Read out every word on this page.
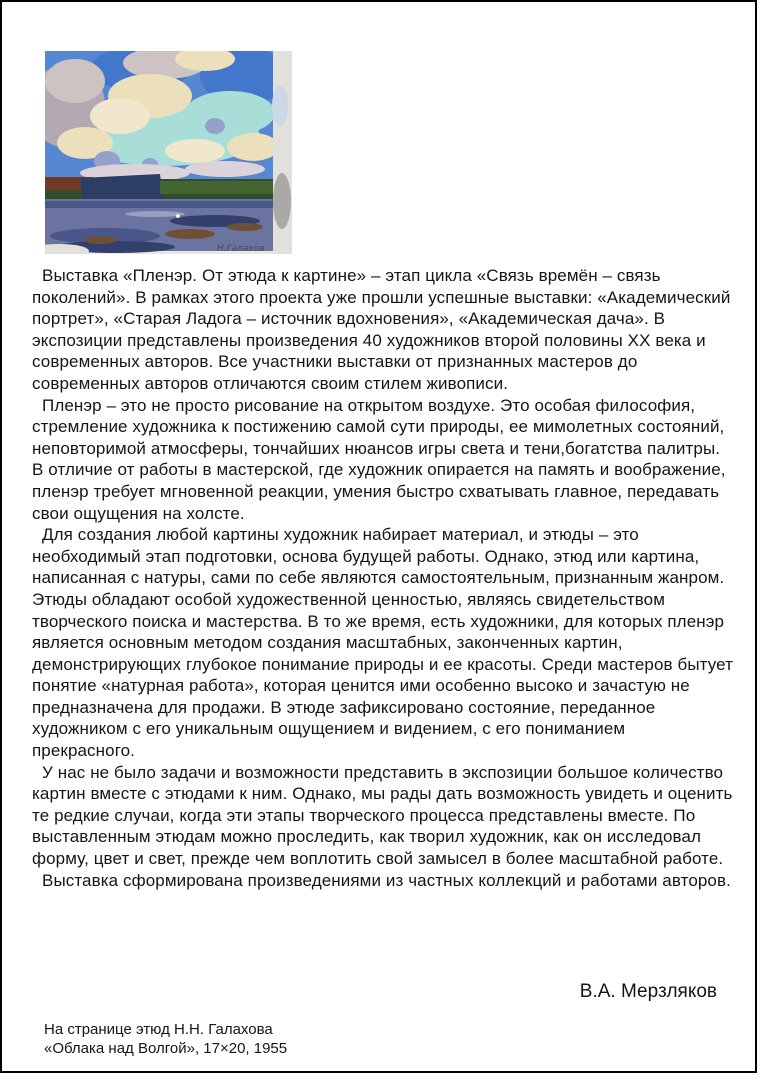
Н.Галахов

Выставка «Пленэр. От этюда к картине» – этап цикла «Связь времён – связь поколений». В рамках этого проекта уже прошли успешные выставки: «Академический портрет», «Старая Ладога – источник вдохновения», «Академическая дача». В экспозиции представлены произведения 40 художников второй половины ХХ века и современных авторов. Все участники выставки от признанных мастеров до современных авторов отличаются своим стилем живописи.

Пленэр – это не просто рисование на открытом воздухе. Это особая философия, стремление художника к постижению самой сути природы, ее мимолетных состояний, неповторимой атмосферы, тончайших нюансов игры света и тени,богатства палитры. В отличие от работы в мастерской, где художник опирается на память и воображение, пленэр требует мгновенной реакции, умения быстро схватывать главное, передавать свои ощущения на холсте.

Для создания любой картины художник набирает материал, и этюды – это необходимый этап подготовки, основа будущей работы. Однако, этюд или картина, написанная с натуры, сами по себе являются самостоятельным, признанным жанром. Этюды обладают особой художественной ценностью, являясь свидетельством творческого поиска и мастерства. В то же время, есть художники, для которых пленэр является основным методом создания масштабных, законченных картин, демонстрирующих глубокое понимание природы и ее красоты. Среди мастеров бытует понятие «натурная работа», которая ценится ими особенно высоко и зачастую не предназначена для продажи. В этюде зафиксировано состояние, переданное художником с его уникальным ощущением и видением, с его пониманием прекрасного.

У нас не было задачи и возможности представить в экспозиции большое количество картин вместе с этюдами к ним. Однако, мы рады дать возможность увидеть и оценить те редкие случаи, когда эти этапы творческого процесса представлены вместе. По выставленным этюдам можно проследить, как творил художник, как он исследовал форму, цвет и свет, прежде чем воплотить свой замысел в более масштабной работе.

Выставка сформирована произведениями из частных коллекций и работами авторов.

В.А. Мерзляков
На странице этюд Н.Н. Галахова
«Облака над Волгой», 17×20, 1955
